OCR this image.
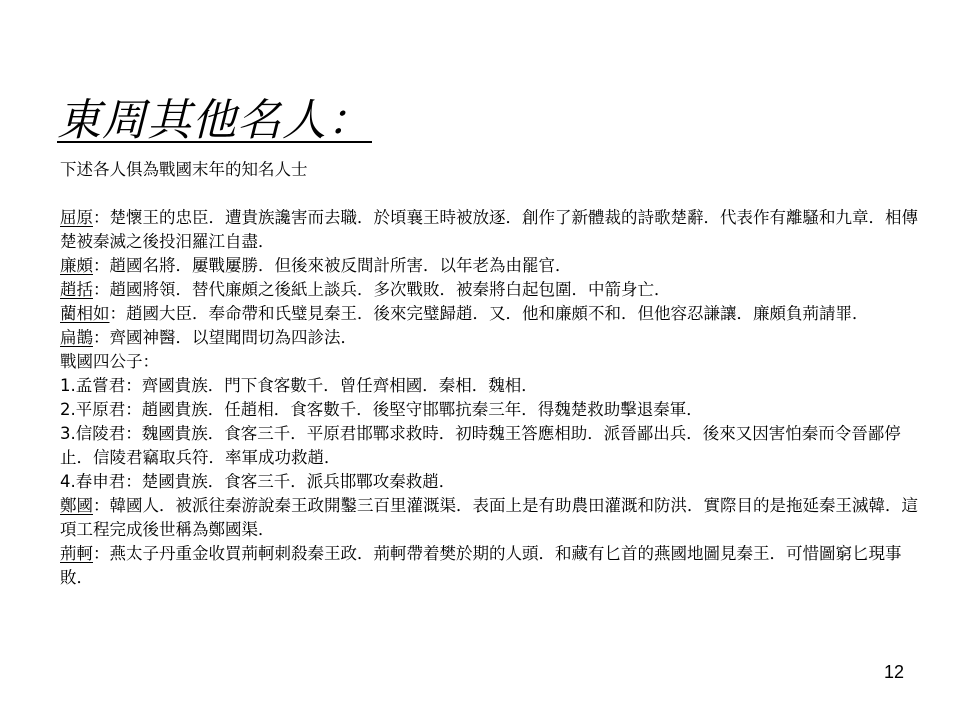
東周其他名人：

下述各人俱為戰國末年的知名人士

屈原：楚懷王的忠臣．遭貴族讒害而去職．於頃襄王時被放逐．創作了新體裁的詩歌楚辭．代表作有離騷和九章．相傳楚被秦滅之後投汨羅江自盡．

廉頗：趙國名將．屢戰屢勝．但後來被反間計所害．以年老為由罷官．

趙括：趙國將領．替代廉頗之後紙上談兵．多次戰敗．被秦將白起包圍．中箭身亡．

藺相如：趙國大臣．奉命帶和氏璧見秦王．後來完璧歸趙．又．他和廉頗不和．但他容忍謙讓．廉頗負荊請罪．

扁鵲：齊國神醫．以望聞問切為四診法．

戰國四公子：

1.孟嘗君：齊國貴族．門下食客數千．曾任齊相國．秦相．魏相．

2.平原君：趙國貴族．任趙相．食客數千．後堅守邯鄲抗秦三年．得魏楚救助擊退秦軍．

3.信陵君：魏國貴族．食客三千．平原君邯鄲求救時．初時魏王答應相助．派晉鄙出兵．後來又因害怕秦而令晉鄙停止．信陵君竊取兵符．率軍成功救趙．

4.春申君：楚國貴族．食客三千．派兵邯鄲攻秦救趙．

鄭國：韓國人．被派往秦游說秦王政開鑿三百里灌溉渠．表面上是有助農田灌溉和防洪．實際目的是拖延秦王滅韓．這項工程完成後世稱為鄭國渠．

荊軻：燕太子丹重金收買荊軻刺殺秦王政．荊軻帶着樊於期的人頭．和藏有匕首的燕國地圖見秦王．可惜圖窮匕現事敗．

12
